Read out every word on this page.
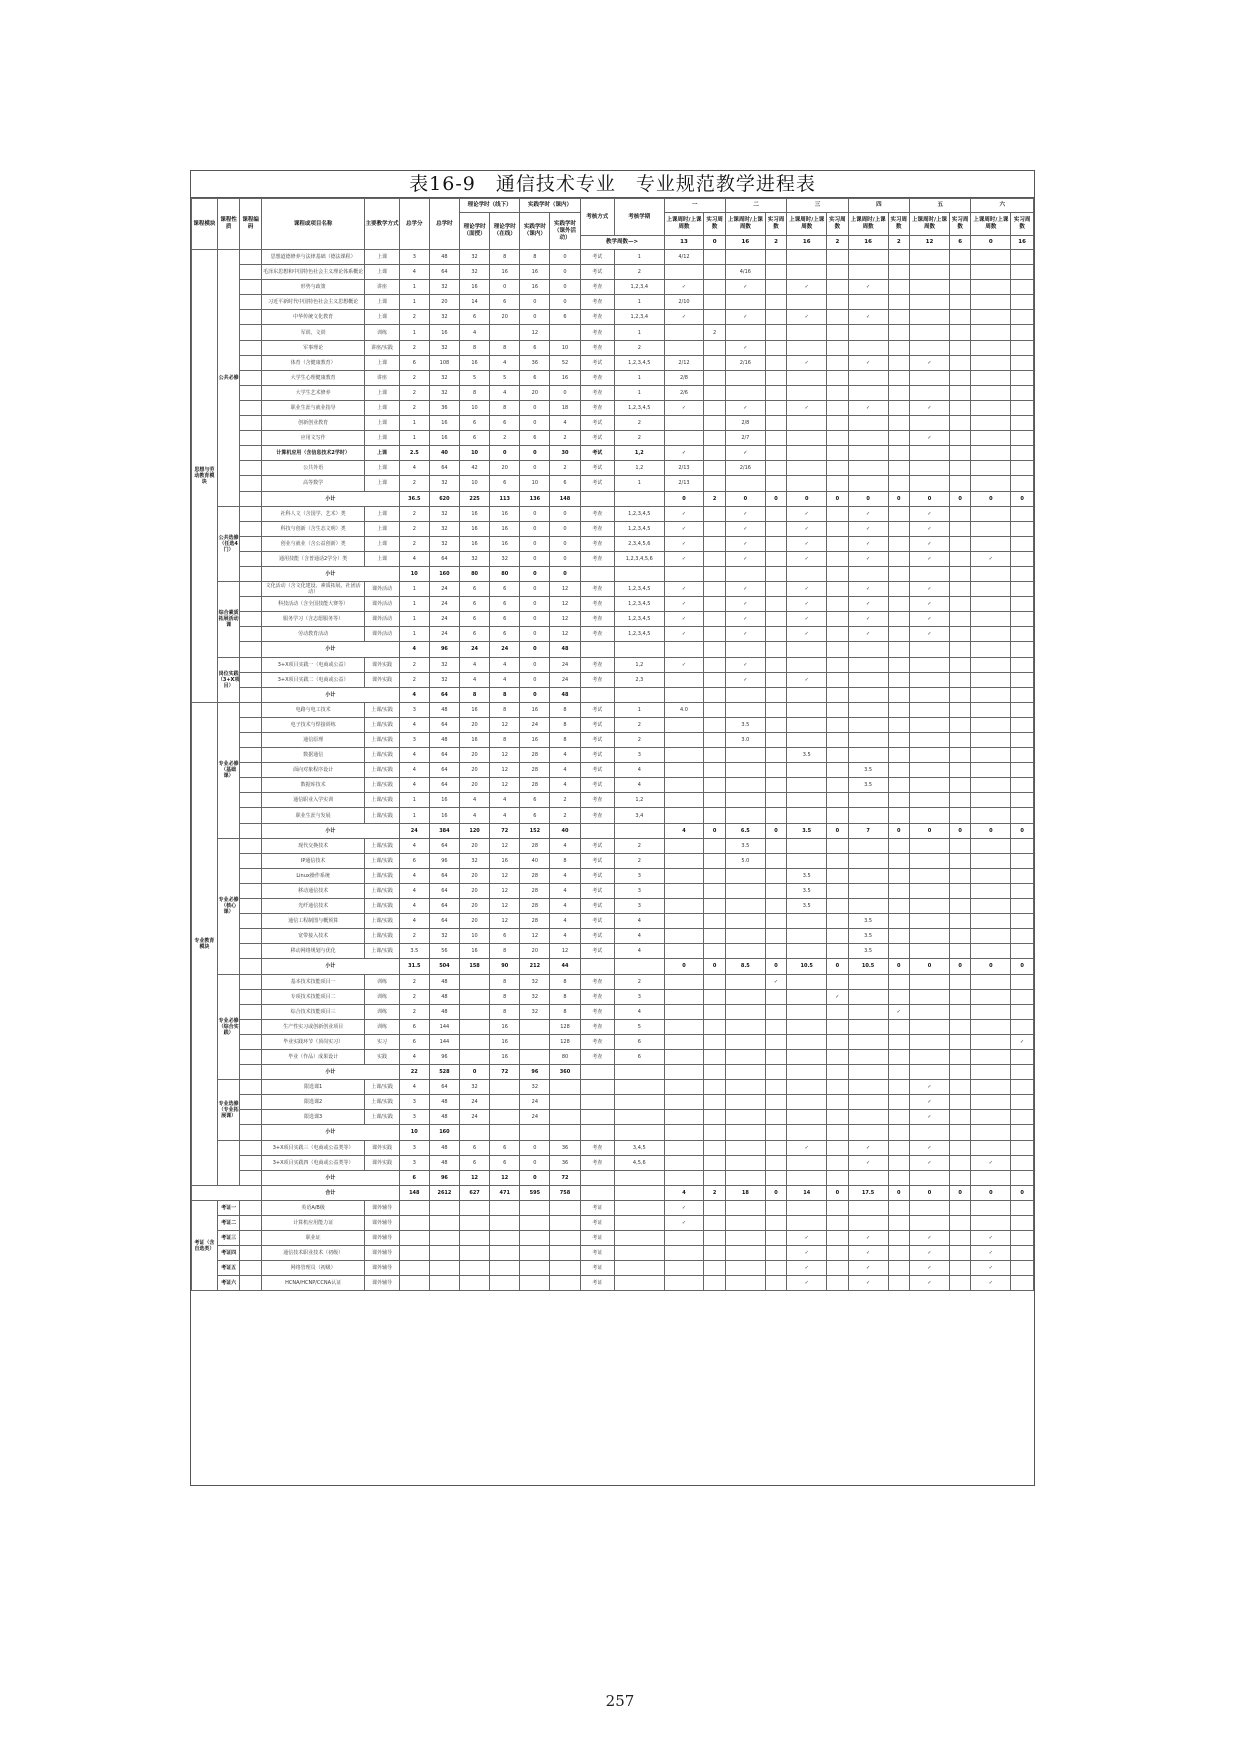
表16-9　通信技术专业　专业规范教学进程表
课程模块	课程性质	课程编码	课程或项目名称	主要教学方式	总学分	总学时	理论学时（线下）		实践学时（课内）		考核方式	考核学期	一		二		三		四		五		六	
							理论学时（面授）	理论学时（在线）	实践学时（课内）	实践学时（课外活动）			上课周时/上课周数	实习周数	上课周时/上课周数	实习周数	上课周时/上课周数	实习周数	上课周时/上课周数	实习周数	上课周时/上课周数	实习周数	上课周时/上课周数	实习周数
											教学周数—>		13	0	16	2	16	2	16	2	12	6	0	16
思想与劳动教育模块	公共必修		思想道德修养与法律基础（德法课程）	上课	3	48	32	8	8	0	考试	1	4/12											
			毛泽东思想和中国特色社会主义理论体系概论	上课	4	64	32	16	16	0	考试	2			4/16									
			形势与政策	讲座	1	32	16	0	16	0	考查	1,2,3,4	✓		✓		✓		✓					
			习近平新时代中国特色社会主义思想概论	上课	1	20	14	6	0	0	考查	1	2/10											
			中华传统文化教育	上课	2	32	6	20	0	6	考查	1,2,3,4	✓		✓		✓		✓					
			军训、文训	训练	1	16	4		12		考查	1		2										
			军事理论	讲座/实践	2	32	8	8	6	10	考查	2			✓									
			体育（含健康教育）	上课	6	108	16	4	36	52	考试	1,2,3,4,5	2/12		2/16		✓		✓		✓			
			大学生心理健康教育	讲座	2	32	5	5	6	16	考查	1	2/8											
			大学生艺术修养	上课	2	32	8	4	20	0	考查	1	2/6											
			职业生涯与就业指导	上课	2	36	10	8	0	18	考查	1,2,3,4,5	✓		✓		✓		✓		✓			
			创新创业教育	上课	1	16	6	6	0	4	考试	2			2/8									
			应用文写作	上课	1	16	6	2	6	2	考试	2			2/7						✓			
			计算机应用（含信息技术2学时）	上课	2.5	40	10	0	0	30	考试	1,2	✓		✓									
			公共外语	上课	4	64	42	20	0	2	考试	1,2	2/13		2/16									
			高等数学	上课	2	32	10	6	10	6	考试	1	2/13											
			小计		36.5	620	225	113	136	148			0	2	0	0	0	0	0	0	0	0	0	0
	公共选修（任选4门）		社科人文（含国学、艺术）类	上课	2	32	16	16	0	0	考查	1,2,3,4,5	✓		✓		✓		✓		✓			
			科技与创新（含生态文明）类	上课	2	32	16	16	0	0	考查	1,2,3,4,5	✓		✓		✓		✓		✓			
			创业与就业（含公益创新）类	上课	2	32	16	16	0	0	考查	2,3,4,5,6	✓		✓		✓		✓		✓			
			通用技能（含普通话2学分）类	上课	4	64	32	32	0	0	考查	1,2,3,4,5,6	✓		✓		✓		✓		✓		✓	
			小计		10	160	80	80	0	0														
	综合素质拓展活动课		文化活动（含文化建设、素质拓展、社团活动）	课外活动	1	24	6	6	0	12	考查	1,2,3,4,5	✓		✓		✓		✓		✓			
			科技活动（含全国技能大赛等）	课外活动	1	24	6	6	0	12	考查	1,2,3,4,5	✓		✓		✓		✓		✓			
			服务学习（含志愿服务等）	课外活动	1	24	6	6	0	12	考查	1,2,3,4,5	✓		✓		✓		✓		✓			
			劳动教育活动	课外活动	1	24	6	6	0	12	考查	1,2,3,4,5	✓		✓		✓		✓		✓			
			小计		4	96	24	24	0	48														
	岗位实践（3+X项目）		3+X项目实践一（电商或公益）	课外实践	2	32	4	4	0	24	考查	1,2	✓		✓									
			3+X项目实践二（电商或公益）	课外实践	2	32	4	4	0	24	考查	2,3			✓		✓							
			小计		4	64	8	8	0	48														
专业教育模块	专业必修（基础课）		电路与电工技术	上课/实践	3	48	16	8	16	8	考试	1	4.0											
			电子技术与焊接训练	上课/实践	4	64	20	12	24	8	考试	2			3.5									
			通信原理	上课/实践	3	48	16	8	16	8	考试	2			3.0									
			数据通信	上课/实践	4	64	20	12	28	4	考试	3					3.5							
			面向对象程序设计	上课/实践	4	64	20	12	28	4	考试	4							3.5					
			数据库技术	上课/实践	4	64	20	12	28	4	考试	4							3.5					
			通信职业入学实训	上课/实践	1	16	4	4	6	2	考查	1,2												
			职业生涯与发展	上课/实践	1	16	4	4	6	2	考查	3,4												
			小计		24	384	120	72	152	40			4	0	6.5	0	3.5	0	7	0	0	0	0	0
	专业必修（核心课）		现代交换技术	上课/实践	4	64	20	12	28	4	考试	2			3.5									
			IP通信技术	上课/实践	6	96	32	16	40	8	考试	2			5.0									
			Linux操作系统	上课/实践	4	64	20	12	28	4	考试	3					3.5							
			移动通信技术	上课/实践	4	64	20	12	28	4	考试	3					3.5							
			光纤通信技术	上课/实践	4	64	20	12	28	4	考试	3					3.5							
			通信工程制图与概预算	上课/实践	4	64	20	12	28	4	考试	4							3.5					
			宽带接入技术	上课/实践	2	32	10	6	12	4	考试	4							3.5					
			移动网络规划与优化	上课/实践	3.5	56	16	8	20	12	考试	4							3.5					
			小计		31.5	504	158	90	212	44			0	0	8.5	0	10.5	0	10.5	0	0	0	0	0
	专业必修（综合实践）		基本技术技能项目一	训练	2	48		8	32	8	考查	2				✓								
			专项技术技能项目二	训练	2	48		8	32	8	考查	3						✓						
			综合技术技能项目三	训练	2	48		8	32	8	考查	4								✓				
			生产性实习或创新创业项目	训练	6	144		16		128	考查	5												
			毕业实践环节（顶岗实习）	实习	6	144		16		128	考查	6												✓
			毕业（作品）成果设计	实践	4	96		16		80	考查	6												
			小计		22	528	0	72	96	360														
	专业选修（专业拓展课）		限选课1	上课/实践	4	64	32		32												✓			
			限选课2	上课/实践	3	48	24		24												✓			
			限选课3	上课/实践	3	48	24		24												✓			
			小计		10	160																		
			3+X项目实践三（电商或公益类等）	课外实践	3	48	6	6	0	36	考查	3,4,5					✓		✓		✓			
			3+X项目实践四（电商或公益类等）	课外实践	3	48	6	6	0	36	考查	4,5,6							✓		✓		✓	
			小计		6	96	12	12	0	72														
			合计		148	2612	627	471	595	758			4	2	18	0	14	0	17.5	0	0	0	0	0
考证（含自选类）	考证一		英语A/B级	课外辅导							考证		✓											
	考证二		计算机应用能力证	课外辅导							考证		✓											
	考证三		职业证	课外辅导							考证						✓		✓		✓		✓	
	考证四		通信技术职业技术（初级）	课外辅导							考证						✓		✓		✓		✓	
	考证五		网络管理员（初级）	课外辅导							考证						✓		✓		✓		✓	
	考证六		HCNA/HCNP/CCNA认证	课外辅导							考证						✓		✓		✓		✓	
257
